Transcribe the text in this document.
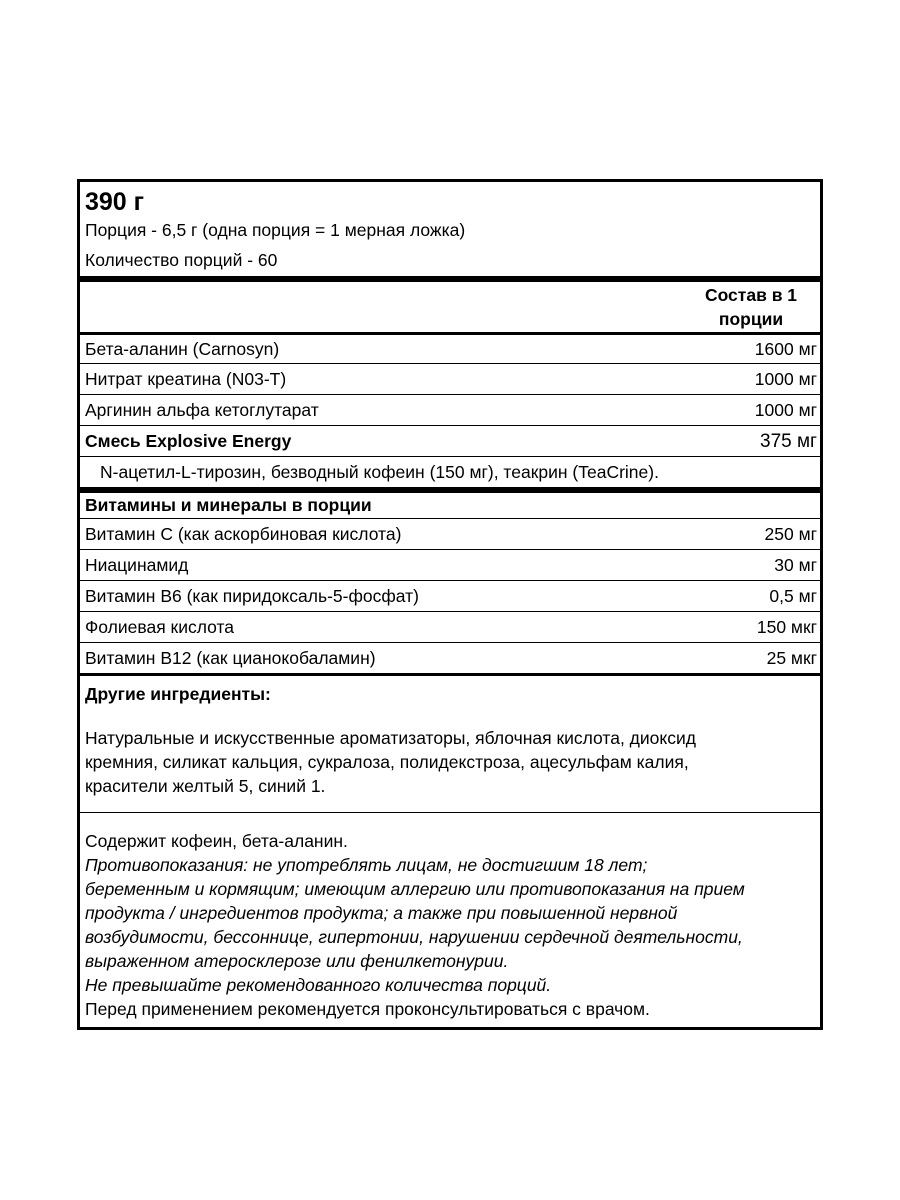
390 г
Порция - 6,5 г (одна порция = 1 мерная ложка)
Количество порций - 60
Состав в 1 порции
Бета-аланин (Carnosyn)	1600 мг
Нитрат креатина (N03-T)	1000 мг
Аргинин альфа кетоглутарат	1000 мг
Смесь Explosive Energy	375 мг
N-ацетил-L-тирозин, безводный кофеин (150 мг), теакрин (TeaCrine).
Витамины и минералы в порции
Витамин С (как аскорбиновая кислота)	250 мг
Ниацинамид	30 мг
Витамин В6 (как пиридоксаль-5-фосфат)	0,5 мг
Фолиевая кислота	150 мкг
Витамин В12 (как цианокобаламин)	25 мкг
Другие ингредиенты:
Натуральные и искусственные ароматизаторы, яблочная кислота, диоксид
кремния, силикат кальция, сукралоза, полидекстроза, ацесульфам калия,
красители желтый 5, синий 1.
Содержит кофеин, бета-аланин.
Противопоказания: не употреблять лицам, не достигшим 18 лет;
беременным и кормящим; имеющим аллергию или противопоказания на прием
продукта / ингредиентов продукта; а также при повышенной нервной
возбудимости, бессоннице, гипертонии, нарушении сердечной деятельности,
выраженном атеросклерозе или фенилкетонурии.
Не превышайте рекомендованного количества порций.
Перед применением рекомендуется проконсультироваться с врачом.
